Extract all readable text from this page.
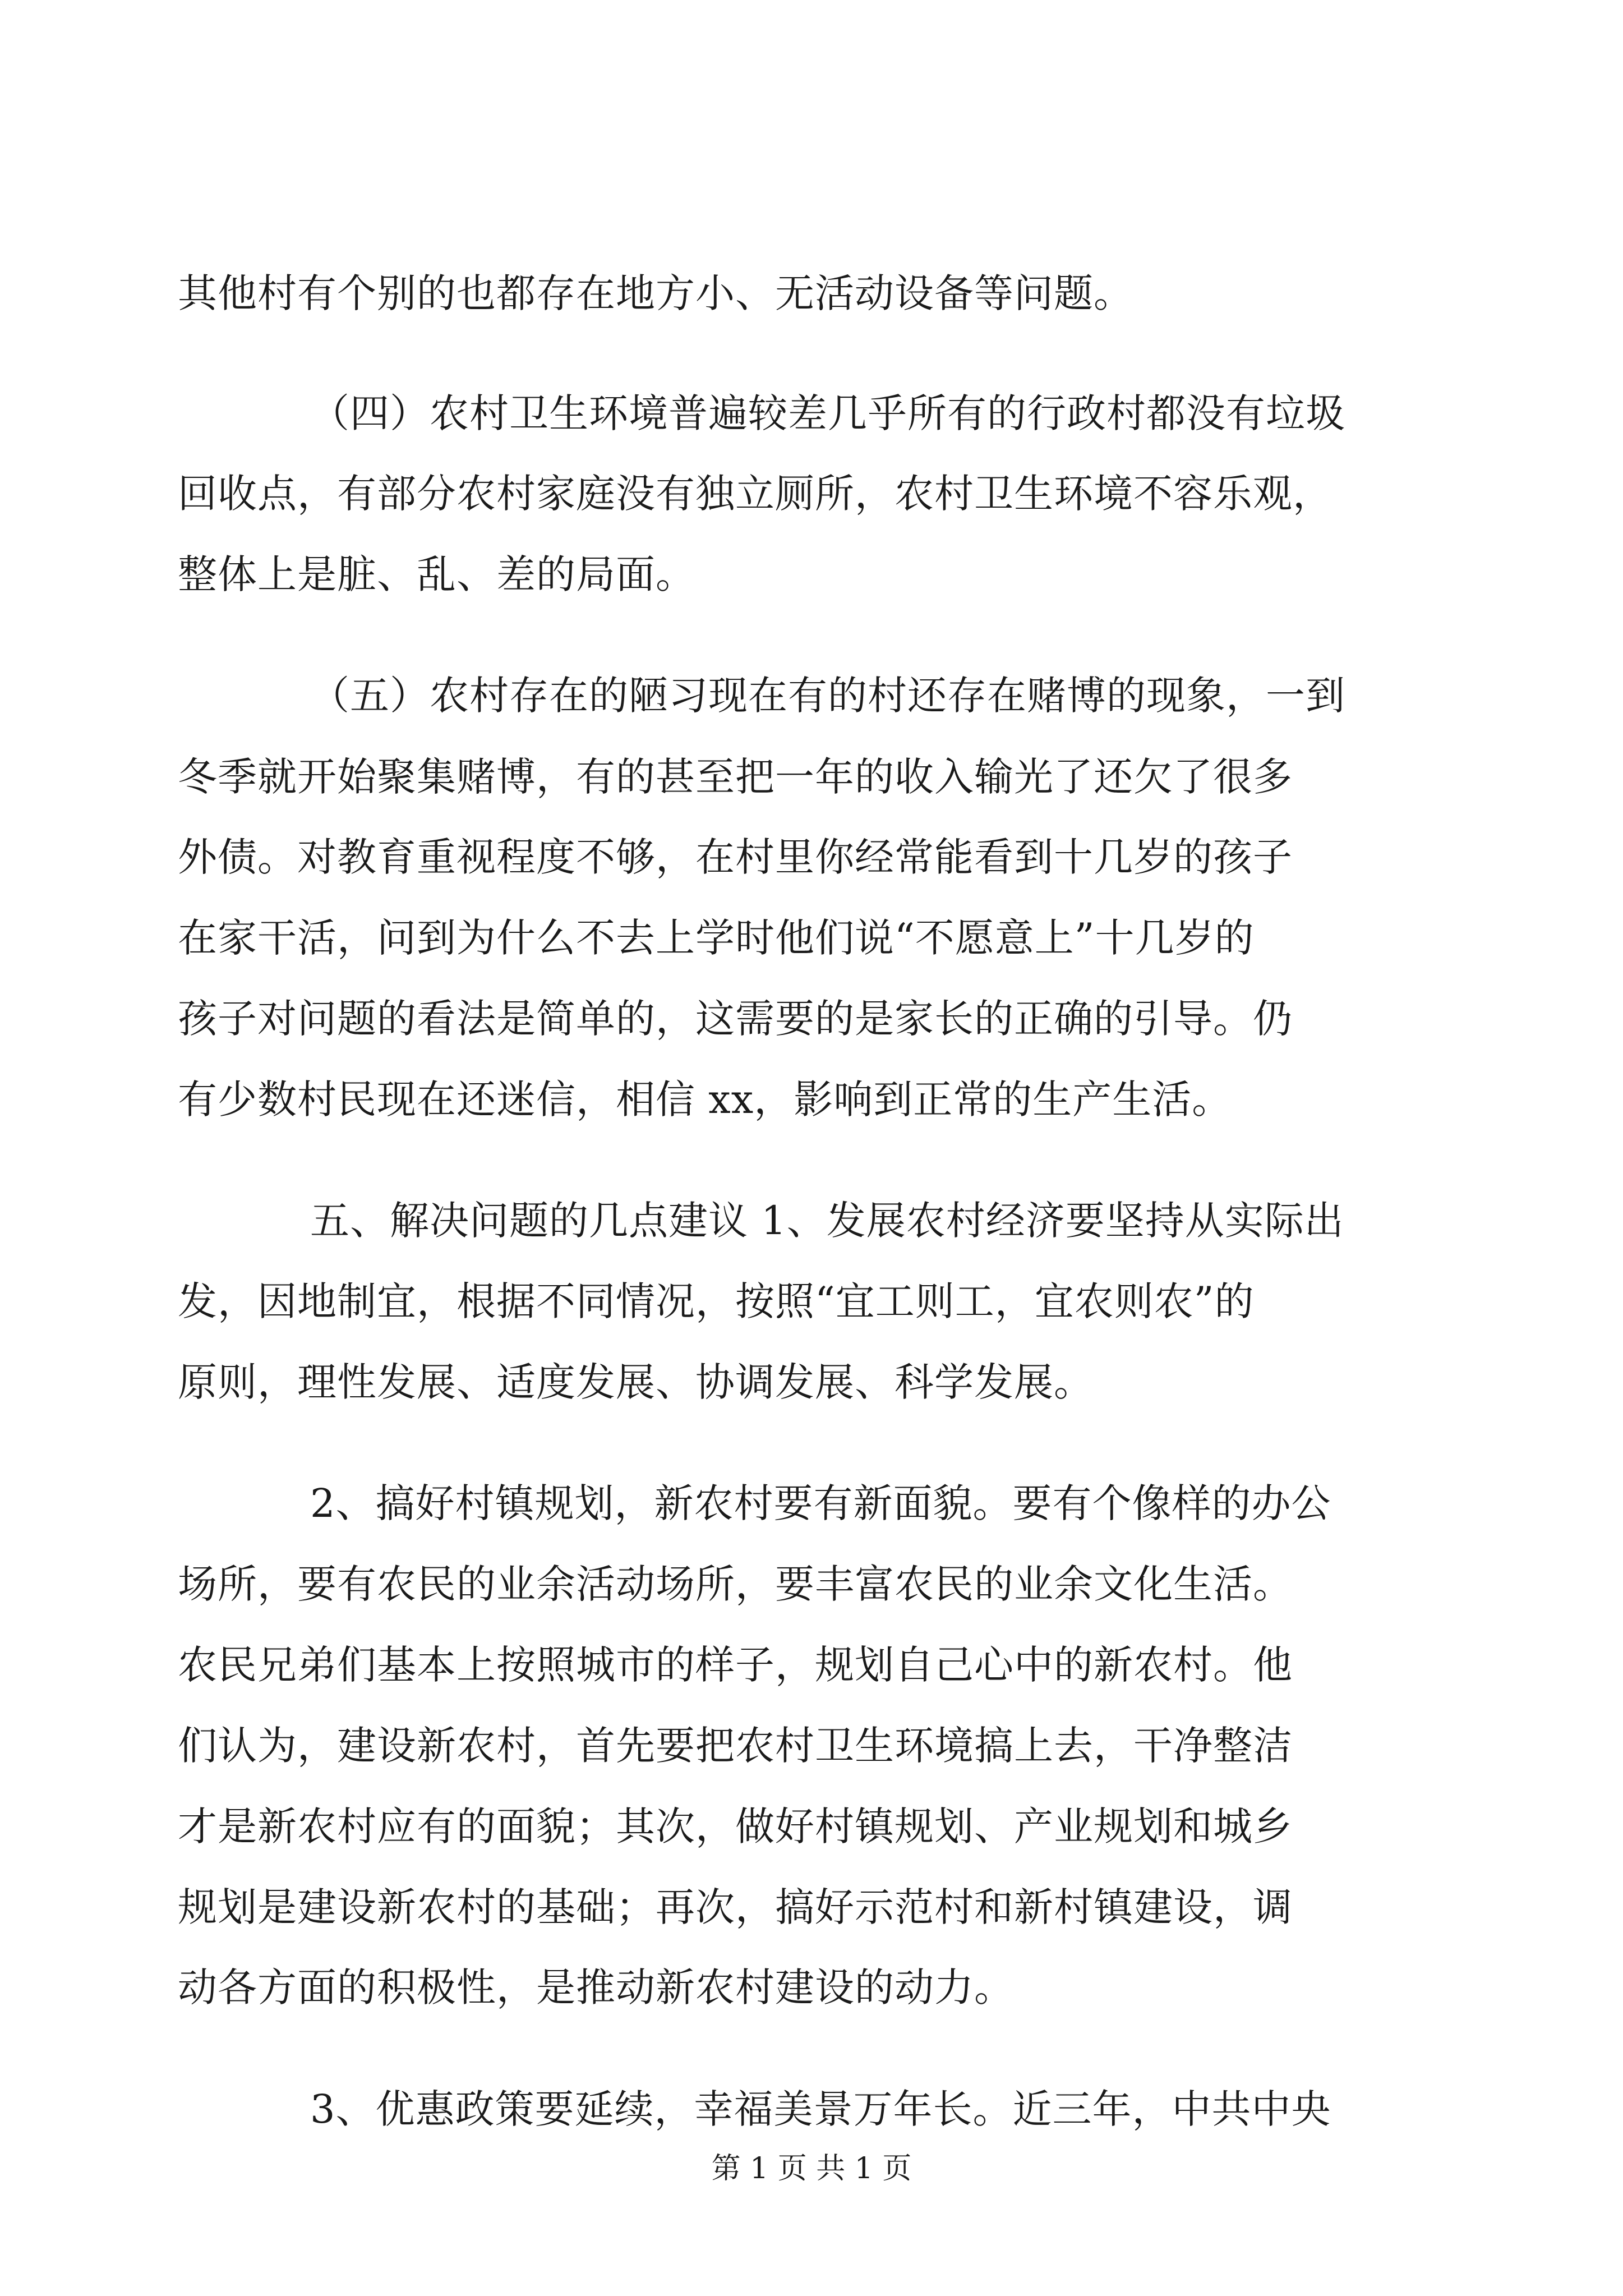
其他村有个别的也都存在地方小、无活动设备等问题。
（四）农村卫生环境普遍较差几乎所有的行政村都没有垃圾
回收点，有部分农村家庭没有独立厕所，农村卫生环境不容乐观，
整体上是脏、乱、差的局面。
（五）农村存在的陋习现在有的村还存在赌博的现象，一到
冬季就开始聚集赌博，有的甚至把一年的收入输光了还欠了很多
外债。对教育重视程度不够，在村里你经常能看到十几岁的孩子
在家干活，问到为什么不去上学时他们说“不愿意上”十几岁的
孩子对问题的看法是简单的，这需要的是家长的正确的引导。仍
有少数村民现在还迷信，相信 xx，影响到正常的生产生活。
五、解决问题的几点建议 1、发展农村经济要坚持从实际出
发，因地制宜，根据不同情况，按照“宜工则工，宜农则农”的
原则，理性发展、适度发展、协调发展、科学发展。
2、搞好村镇规划，新农村要有新面貌。要有个像样的办公
场所，要有农民的业余活动场所，要丰富农民的业余文化生活。
农民兄弟们基本上按照城市的样子，规划自己心中的新农村。他
们认为，建设新农村，首先要把农村卫生环境搞上去，干净整洁
才是新农村应有的面貌；其次，做好村镇规划、产业规划和城乡
规划是建设新农村的基础；再次，搞好示范村和新村镇建设，调
动各方面的积极性，是推动新农村建设的动力。
3、优惠政策要延续，幸福美景万年长。近三年，中共中央
第 1 页 共 1 页
